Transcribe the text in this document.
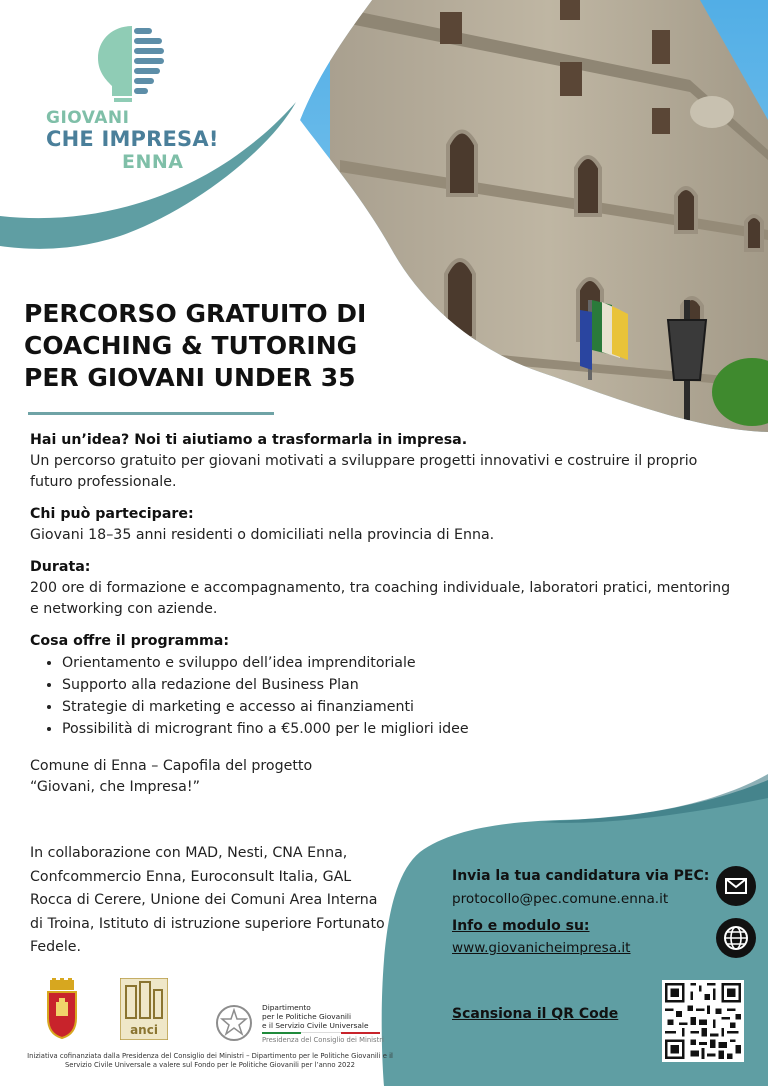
GIOVANI
CHE IMPRESA!
ENNA
PERCORSO GRATUITO DI
COACHING & TUTORING
PER GIOVANI UNDER 35

Hai un’idea? Noi ti aiutiamo a trasformarla in impresa.

Un percorso gratuito per giovani motivati a sviluppare progetti innovativi e costruire il proprio futuro professionale.

Chi può partecipare:

Giovani 18–35 anni residenti o domiciliati nella provincia di Enna.

Durata:

200 ore di formazione e accompagnamento, tra coaching individuale, laboratori pratici, mentoring e networking con aziende.

Cosa offre il programma:

• Orientamento e sviluppo dell’idea imprenditoriale
• Supporto alla redazione del Business Plan
• Strategie di marketing e accesso ai finanziamenti
• Possibilità di microgrant fino a €5.000 per le migliori idee

Comune di Enna – Capofila del progetto

“Giovani, che Impresa!”

In collaborazione con MAD, Nesti, CNA Enna, Confcommercio Enna, Euroconsult Italia, GAL Rocca di Cerere, Unione dei Comuni Area Interna di Troina, Istituto di istruzione superiore Fortunato Fedele.
Invia la tua candidatura via PEC:
protocollo@pec.comune.enna.it
Info e modulo su:
www.giovanicheimpresa.it
Scansiona il QR Code
anci
Dipartimento
per le Politiche Giovanili
e il Servizio Civile Universale
Presidenza del Consiglio dei Ministri
Iniziativa cofinanziata dalla Presidenza del Consiglio dei Ministri – Dipartimento per le Politiche Giovanili e il Servizio Civile Universale a valere sul Fondo per le Politiche Giovanili per l’anno 2022
